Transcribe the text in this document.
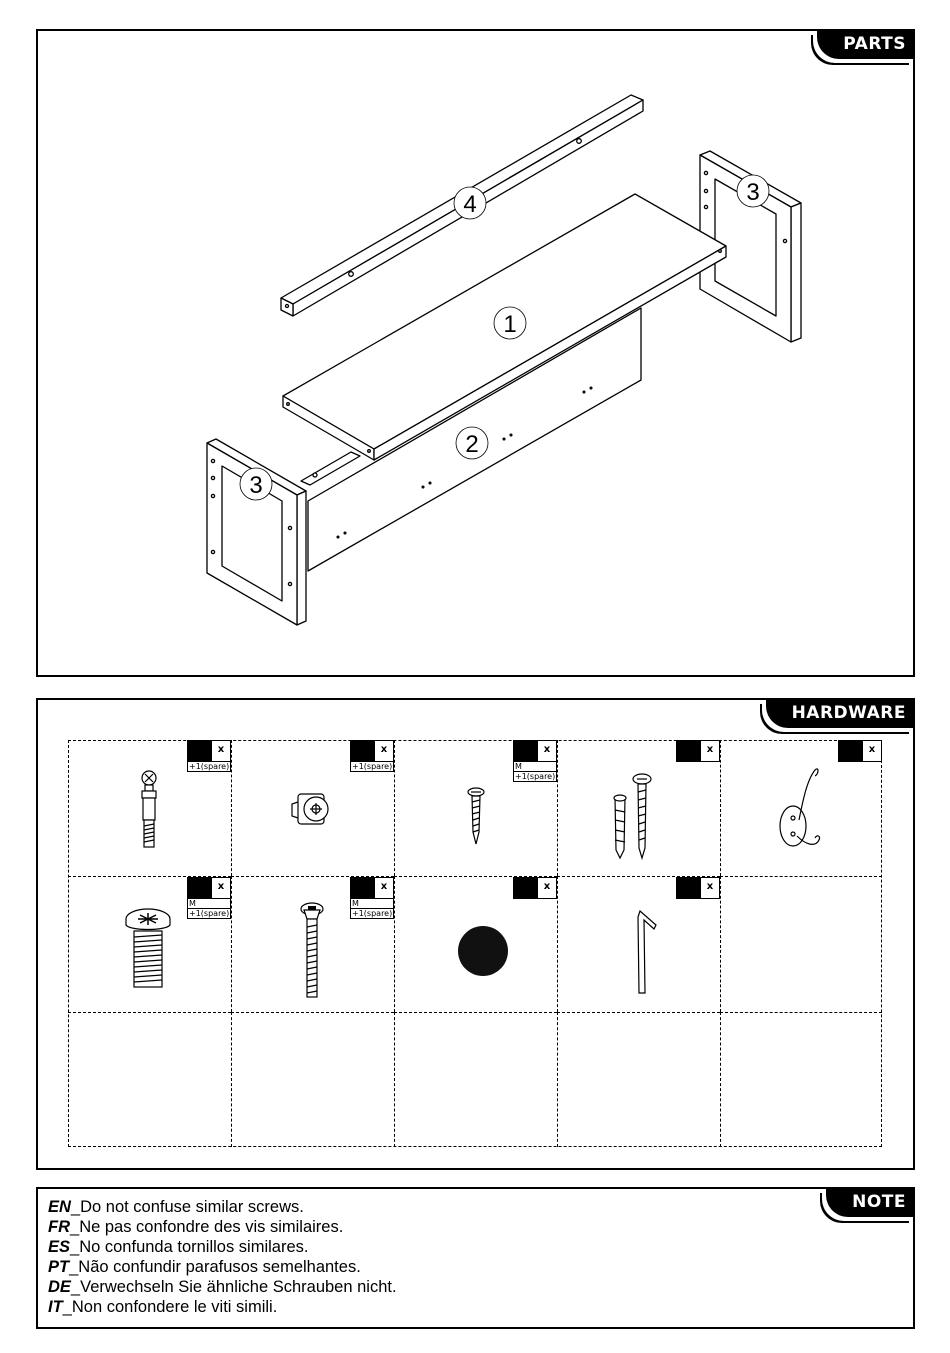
PARTS
1
2
3
3
4
HARDWARE
x
+1(spare)
x
+1(spare)
x
M
+1(spare)
x	x
x
M
+1(spare)
x
M
+1(spare)
x	x
NOTE
EN_Do not confuse similar screws.
FR_Ne pas confondre des vis similaires.
ES_No confunda tornillos similares.
PT_Não confundir parafusos semelhantes.
DE_Verwechseln Sie ähnliche Schrauben nicht.
IT_Non confondere le viti simili.
